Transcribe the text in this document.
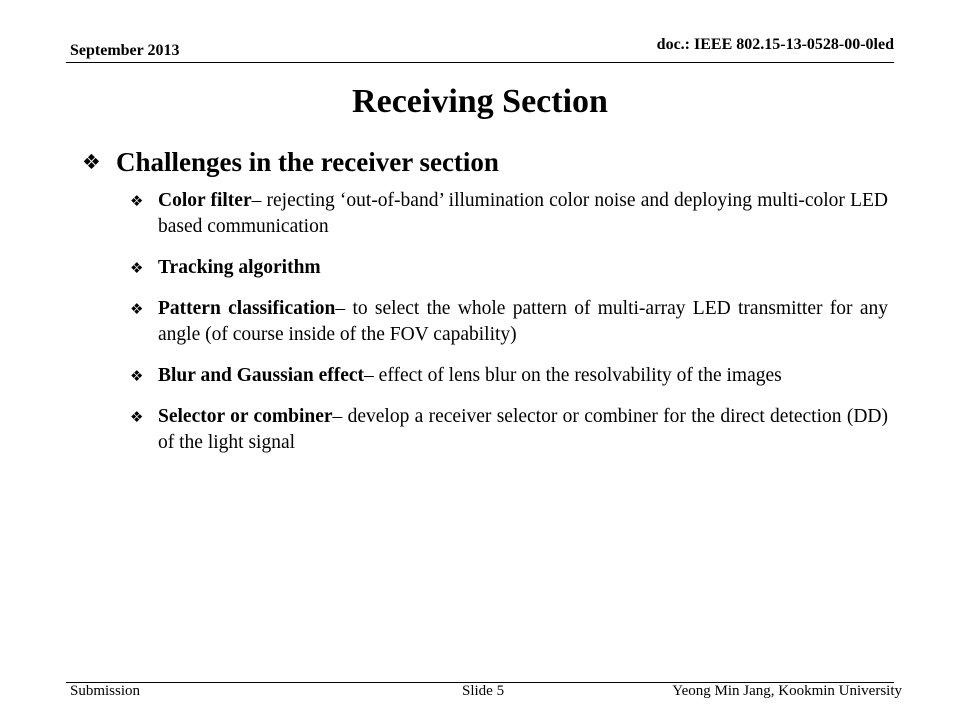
September 2013	doc.: IEEE 802.15-13-0528-00-0led
Receiving Section
❖ Challenges in the receiver section
❖ Color filter– rejecting ‘out-of-band’ illumination color noise and deploying multi-color LED based communication
❖ Tracking algorithm
❖ Pattern classification– to select the whole pattern of multi-array LED transmitter for any angle (of course inside of the FOV capability)
❖ Blur and Gaussian effect– effect of lens blur on the resolvability of the images
❖ Selector or combiner– develop a receiver selector or combiner for the direct detection (DD) of the light signal
Submission	Slide 5	Yeong Min Jang, Kookmin University
